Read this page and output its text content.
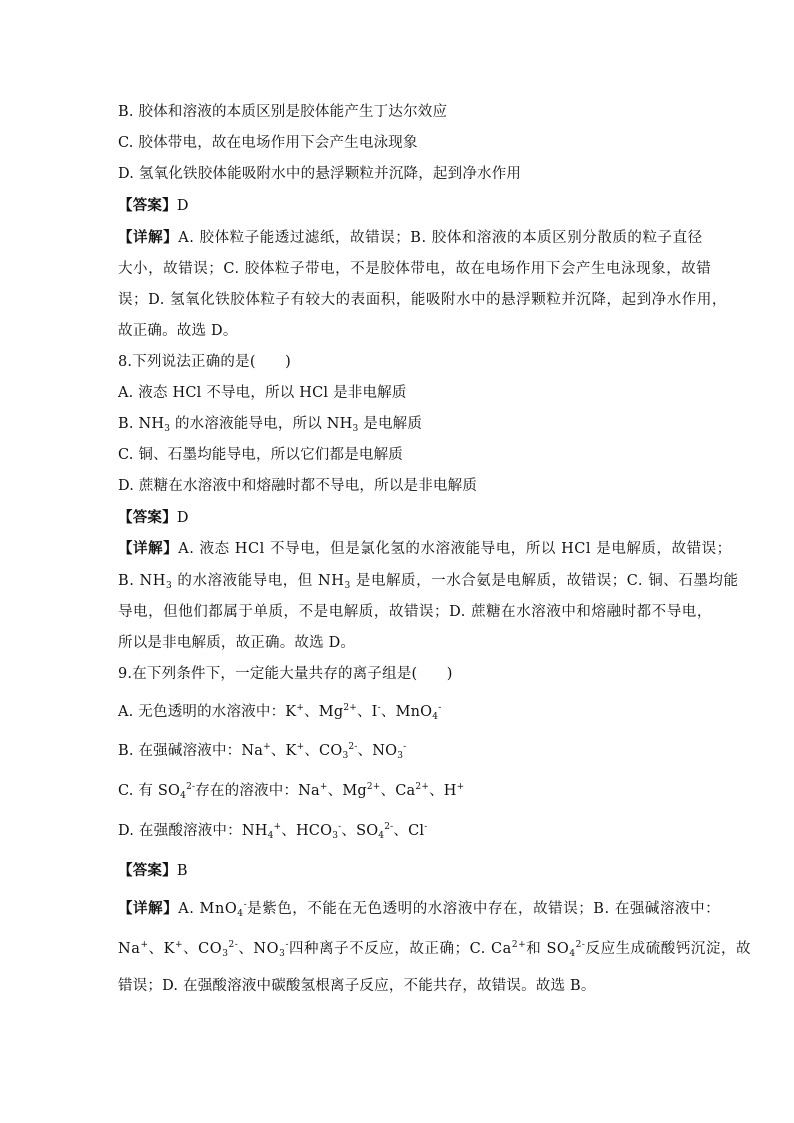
B. 胶体和溶液的本质区别是胶体能产生丁达尔效应
C. 胶体带电，故在电场作用下会产生电泳现象
D. 氢氧化铁胶体能吸附水中的悬浮颗粒并沉降，起到净水作用
【答案】D
【详解】A. 胶体粒子能透过滤纸，故错误；B. 胶体和溶液的本质区别分散质的粒子直径
大小，故错误；C. 胶体粒子带电，不是胶体带电，故在电场作用下会产生电泳现象，故错
误；D. 氢氧化铁胶体粒子有较大的表面积，能吸附水中的悬浮颗粒并沉降，起到净水作用，
故正确。故选 D。
8.下列说法正确的是(　　)
A. 液态 HCl 不导电，所以 HCl 是非电解质
B. $NH_3$ 的水溶液能导电，所以 $NH_3$ 是电解质
C. 铜、石墨均能导电，所以它们都是电解质
D. 蔗糖在水溶液中和熔融时都不导电，所以是非电解质
【答案】D
【详解】A. 液态 HCl 不导电，但是氯化氢的水溶液能导电，所以 HCl 是电解质，故错误；
B. $NH_3$ 的水溶液能导电，但 $NH_3$ 是电解质，一水合氨是电解质，故错误；C. 铜、石墨均能
导电，但他们都属于单质，不是电解质，故错误；D. 蔗糖在水溶液中和熔融时都不导电，
所以是非电解质，故正确。故选 D。
9.在下列条件下，一定能大量共存的离子组是(　　)
A. 无色透明的水溶液中：K+、$Mg^{2+}$、I-、MnO$_4$-
B. 在强碱溶液中：Na+、K+、$CO_3^{2-}$、$NO_3^-$
C. 有 $SO_4^{2-}$存在的溶液中：Na+、$Mg^{2+}$、$Ca^{2+}$、H+
D. 在强酸溶液中：$NH_4^+$、$HCO_3^-$、$SO_4^{2-}$、Cl-
【答案】B
【详解】A. MnO$_4$-是紫色，不能在无色透明的水溶液中存在，故错误；B. 在强碱溶液中：
Na+、K+、$CO_3^{2-}$、$NO_3^-$四种离子不反应，故正确；C. $Ca^{2+}$和 $SO_4^{2-}$反应生成硫酸钙沉淀，故
错误；D. 在强酸溶液中碳酸氢根离子反应，不能共存，故错误。故选 B。
